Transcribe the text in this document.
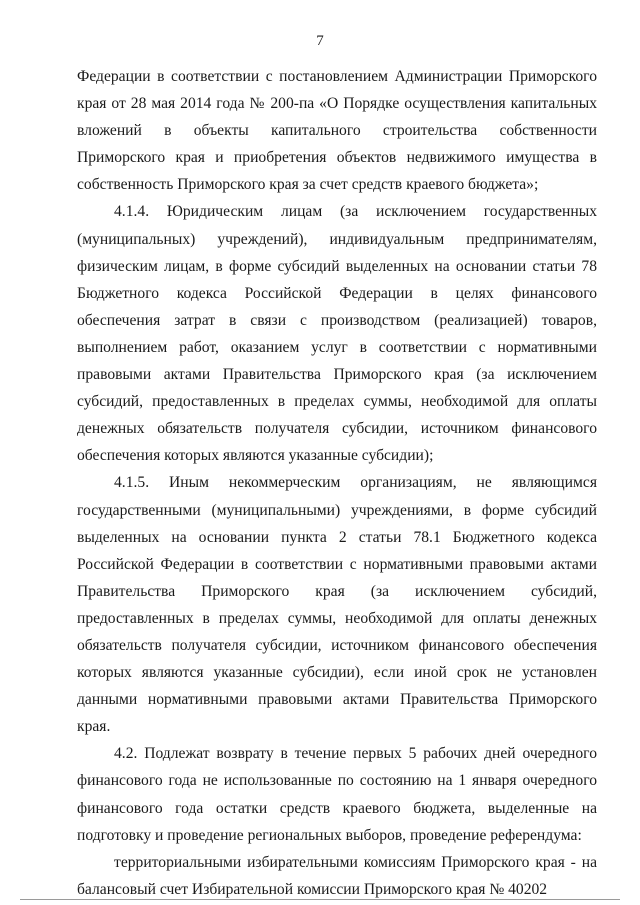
7

Федерации в соответствии с постановлением Администрации Приморского края от 28 мая 2014 года № 200-па «О Порядке осуществления капитальных вложений в объекты капитального строительства собственности Приморского края и приобретения объектов недвижимого имущества в собственность Приморского края за счет средств краевого бюджета»;

4.1.4. Юридическим лицам (за исключением государственных (муниципальных) учреждений), индивидуальным предпринимателям, физическим лицам, в форме субсидий выделенных на основании статьи 78 Бюджетного кодекса Российской Федерации в целях финансового обеспечения затрат в связи с производством (реализацией) товаров, выполнением работ, оказанием услуг в соответствии с нормативными правовыми актами Правительства Приморского края (за исключением субсидий, предоставленных в пределах суммы, необходимой для оплаты денежных обязательств получателя субсидии, источником финансового обеспечения которых являются указанные субсидии);

4.1.5. Иным некоммерческим организациям, не являющимся государственными (муниципальными) учреждениями, в форме субсидий выделенных на основании пункта 2 статьи 78.1 Бюджетного кодекса Российской Федерации в соответствии с нормативными правовыми актами Правительства Приморского края (за исключением субсидий, предоставленных в пределах суммы, необходимой для оплаты денежных обязательств получателя субсидии, источником финансового обеспечения которых являются указанные субсидии), если иной срок не установлен данными нормативными правовыми актами Правительства Приморского края.

4.2. Подлежат возврату в течение первых 5 рабочих дней очередного финансового года не использованные по состоянию на 1 января очередного финансового года остатки средств краевого бюджета, выделенные на подготовку и проведение региональных выборов, проведение референдума:

территориальными избирательными комиссиям Приморского края - на балансовый счет Избирательной комиссии Приморского края № 40202
